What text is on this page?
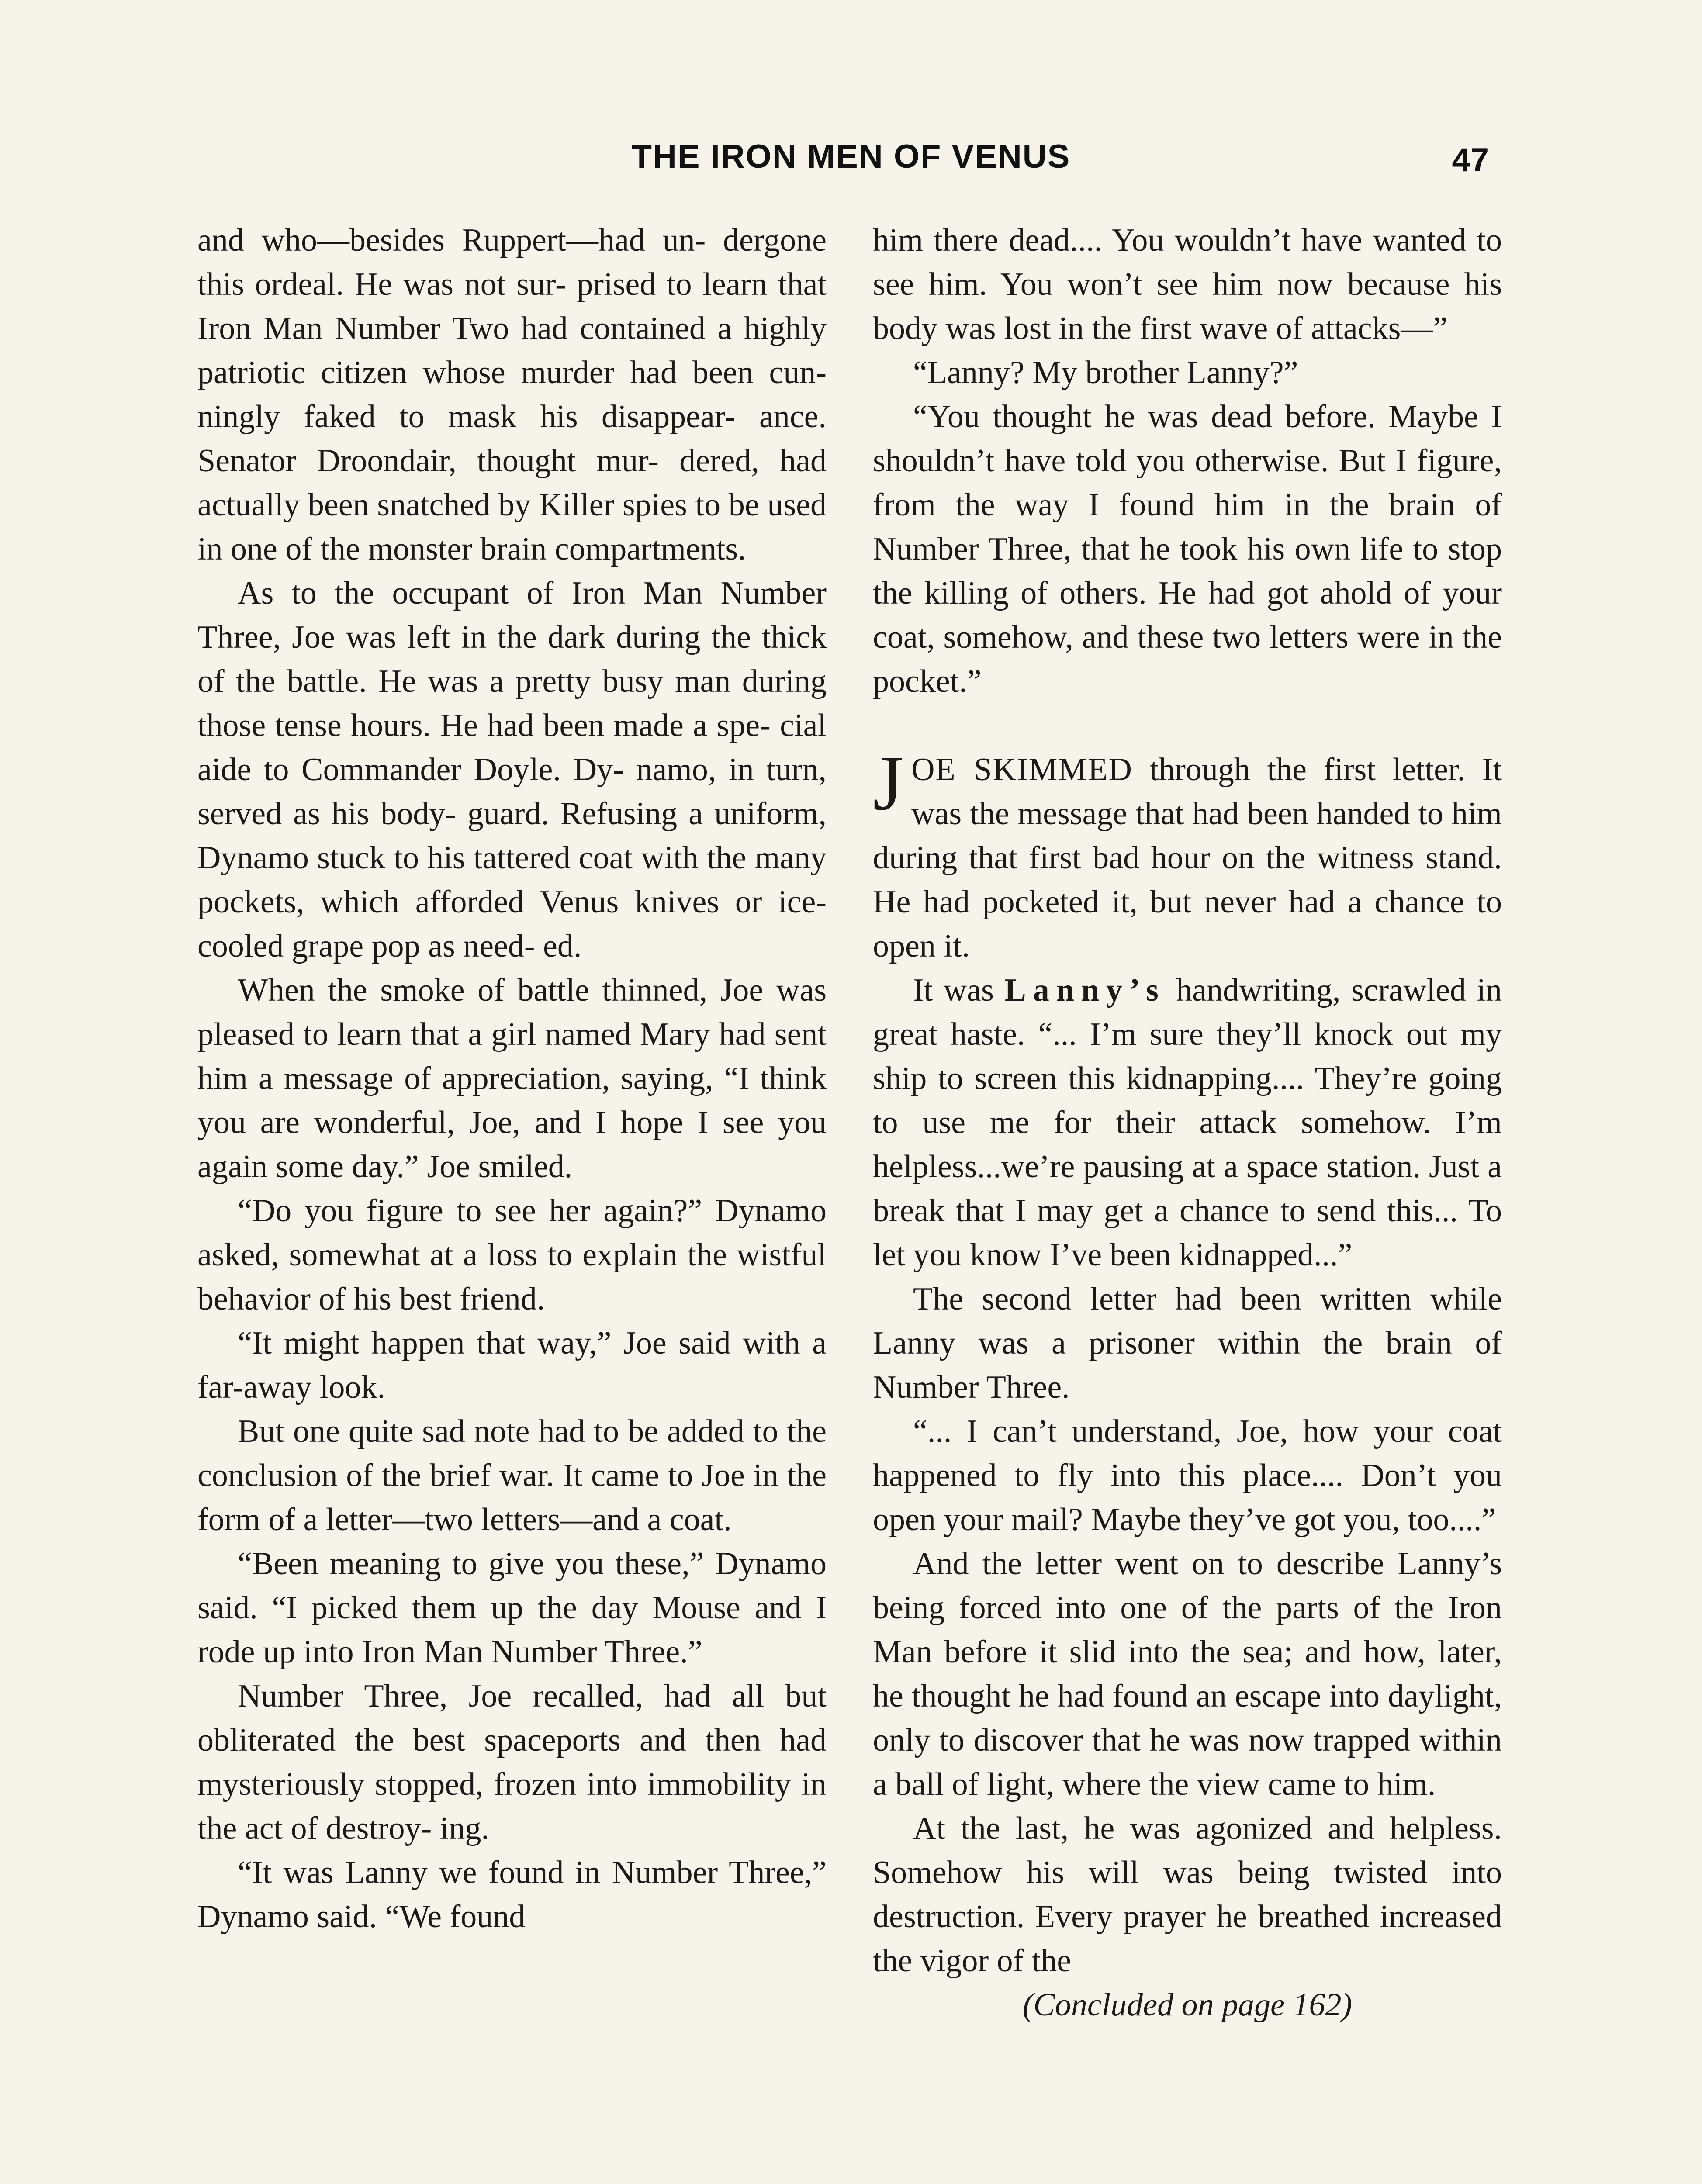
THE IRON MEN OF VENUS	47

and who—besides Ruppert—had un- dergone this ordeal. He was not sur- prised to learn that Iron Man Number Two had contained a highly patriotic citizen whose murder had been cun- ningly faked to mask his disappear- ance. Senator Droondair, thought mur- dered, had actually been snatched by Killer spies to be used in one of the monster brain compartments.

As to the occupant of Iron Man Number Three, Joe was left in the dark during the thick of the battle. He was a pretty busy man during those tense hours. He had been made a spe- cial aide to Commander Doyle. Dy- namo, in turn, served as his body- guard. Refusing a uniform, Dynamo stuck to his tattered coat with the many pockets, which afforded Venus knives or ice-cooled grape pop as need- ed.

When the smoke of battle thinned, Joe was pleased to learn that a girl named Mary had sent him a message of appreciation, saying, “I think you are wonderful, Joe, and I hope I see you again some day.” Joe smiled.

“Do you figure to see her again?” Dynamo asked, somewhat at a loss to explain the wistful behavior of his best friend.

“It might happen that way,” Joe said with a far-away look.

But one quite sad note had to be added to the conclusion of the brief war. It came to Joe in the form of a letter—two letters—and a coat.

“Been meaning to give you these,” Dynamo said. “I picked them up the day Mouse and I rode up into Iron Man Number Three.”

Number Three, Joe recalled, had all but obliterated the best spaceports and then had mysteriously stopped, frozen into immobility in the act of destroy- ing.

“It was Lanny we found in Number Three,” Dynamo said. “We found

him there dead.... You wouldn’t have wanted to see him. You won’t see him now because his body was lost in the first wave of attacks—”

“Lanny? My brother Lanny?”

“You thought he was dead before. Maybe I shouldn’t have told you otherwise. But I figure, from the way I found him in the brain of Number Three, that he took his own life to stop the killing of others. He had got ahold of your coat, somehow, and these two letters were in the pocket.”

JOE SKIMMED through the first letter. It was the message that had been handed to him during that first bad hour on the witness stand. He had pocketed it, but never had a chance to open it.

It was Lanny’s handwriting, scrawled in great haste. “... I’m sure they’ll knock out my ship to screen this kidnapping.... They’re going to use me for their attack somehow. I’m helpless...we’re pausing at a space station. Just a break that I may get a chance to send this... To let you know I’ve been kidnapped...”

The second letter had been written while Lanny was a prisoner within the brain of Number Three.

“... I can’t understand, Joe, how your coat happened to fly into this place.... Don’t you open your mail? Maybe they’ve got you, too....”

And the letter went on to describe Lanny’s being forced into one of the parts of the Iron Man before it slid into the sea; and how, later, he thought he had found an escape into daylight, only to discover that he was now trapped within a ball of light, where the view came to him.

At the last, he was agonized and helpless. Somehow his will was being twisted into destruction. Every prayer he breathed increased the vigor of the

(Concluded on page 162)
